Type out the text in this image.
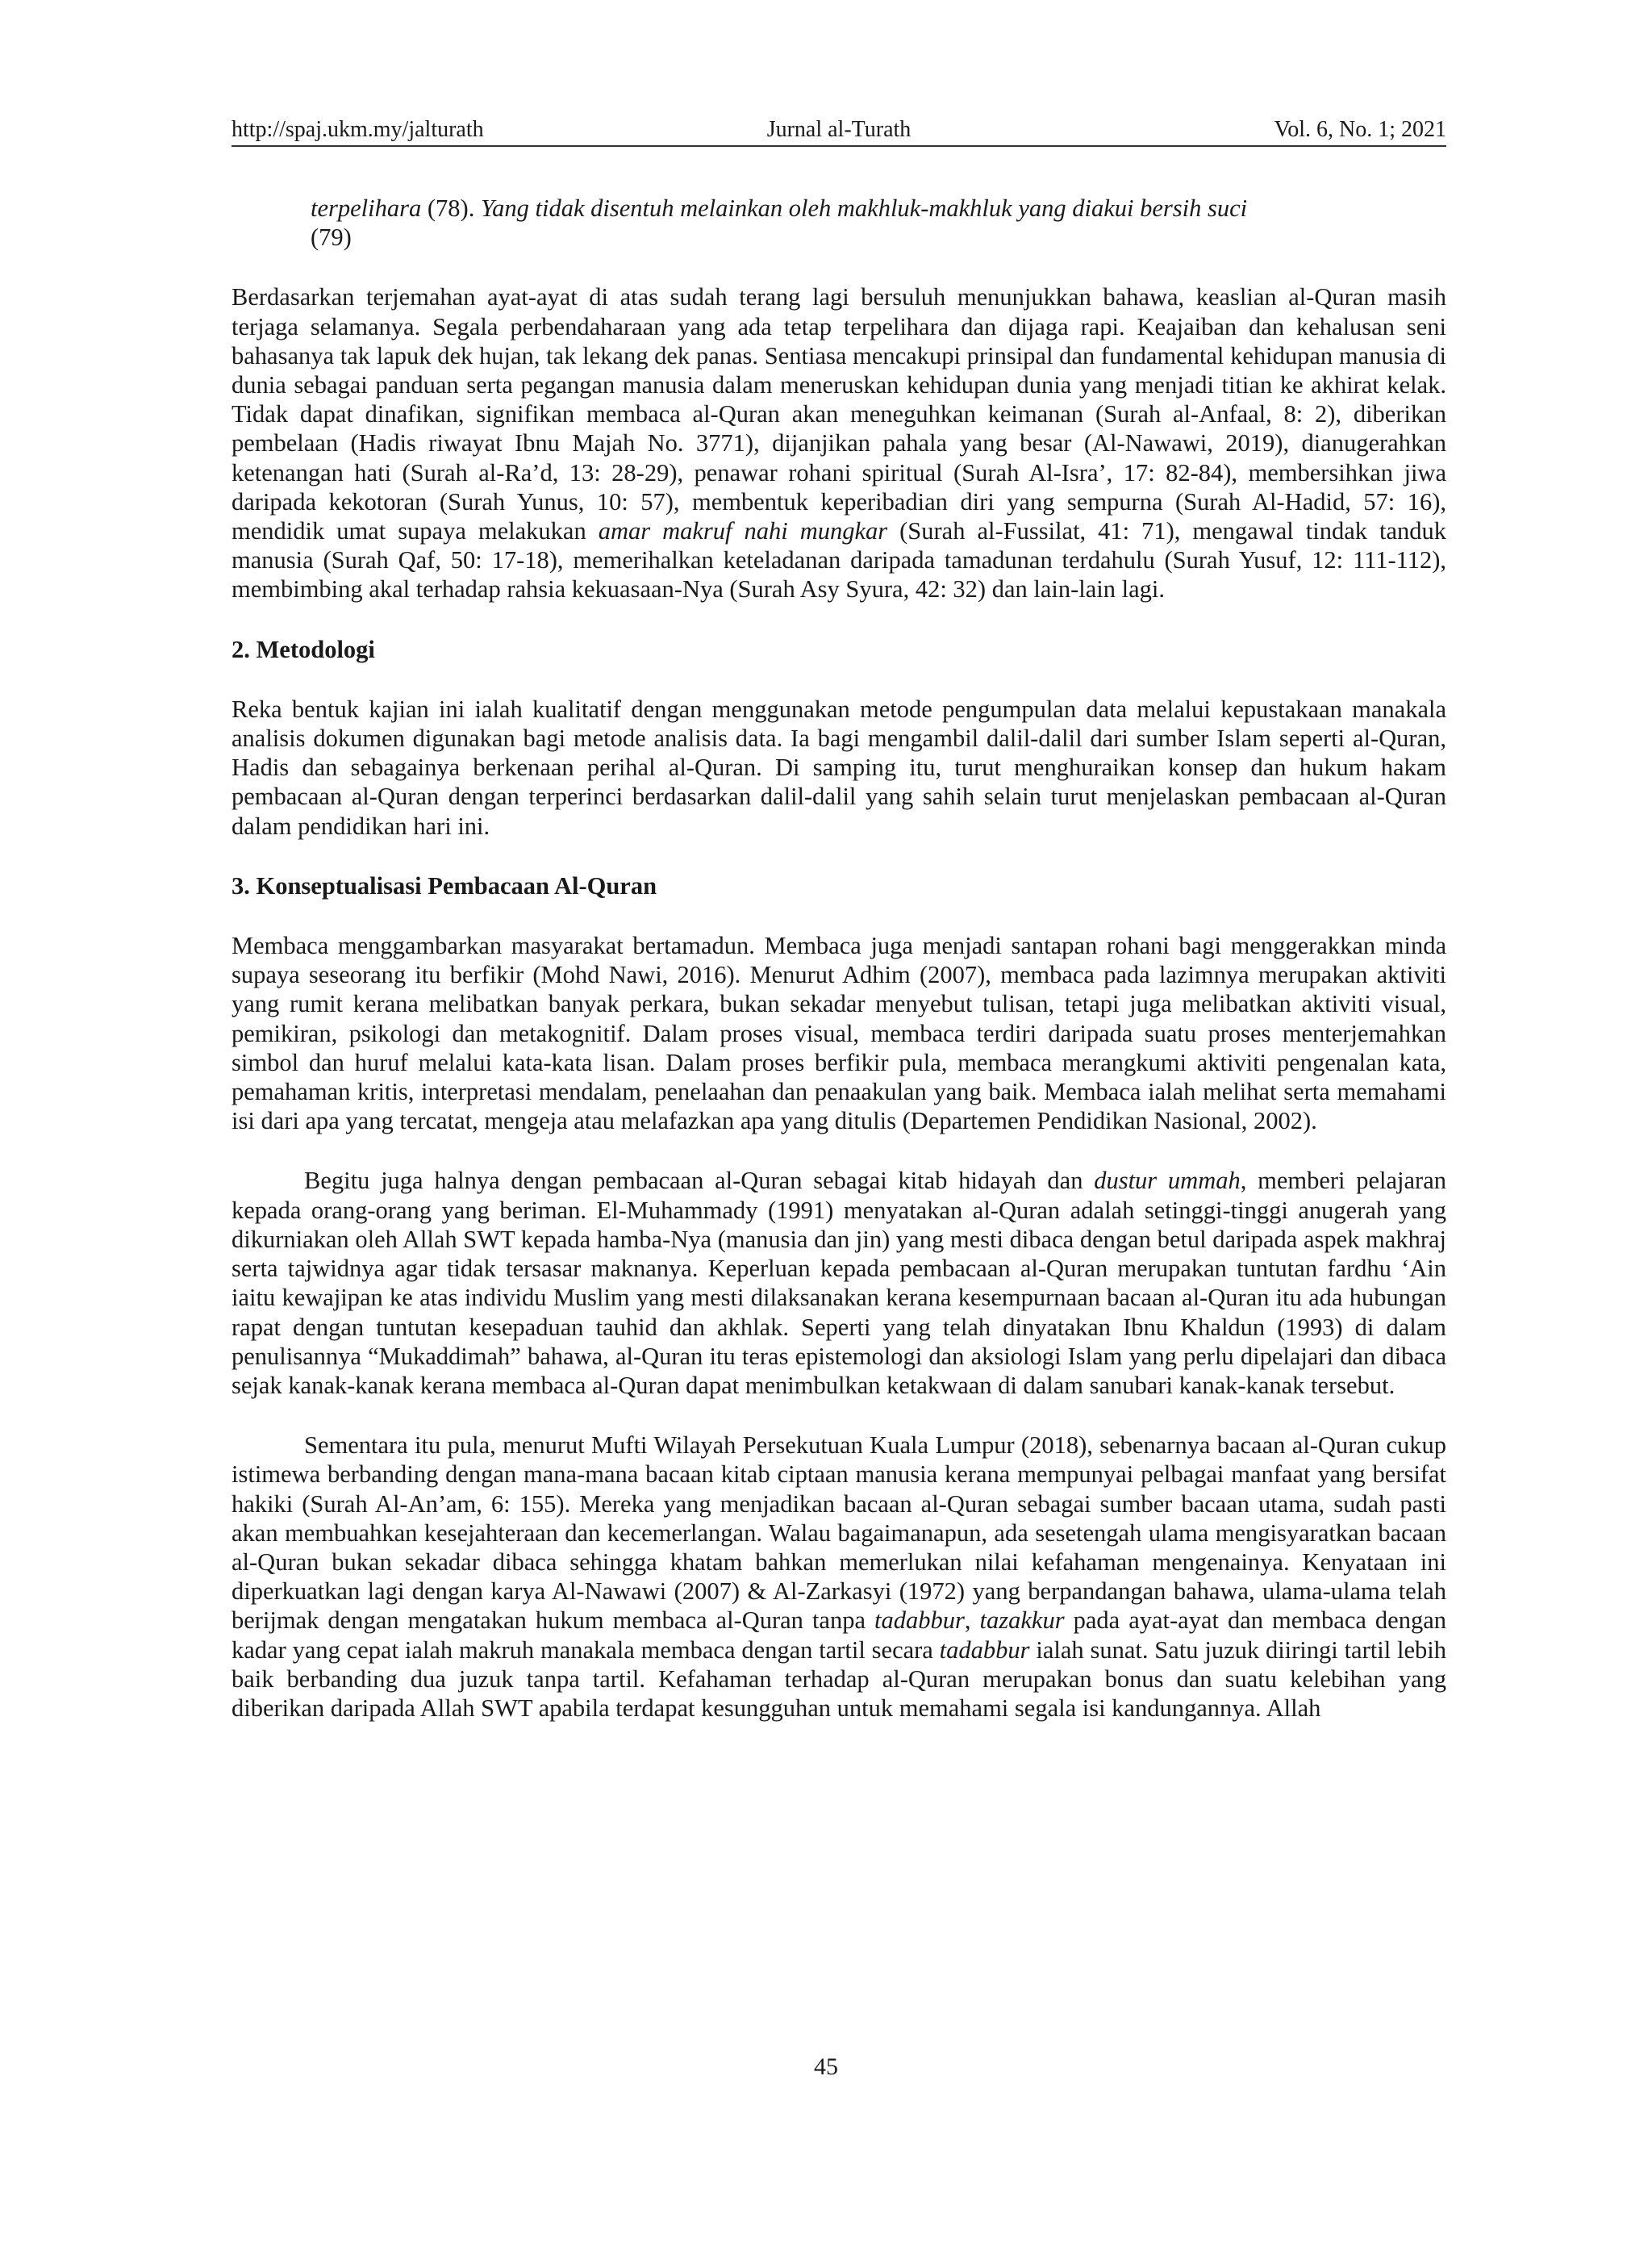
http://spaj.ukm.my/jalturath	Jurnal al-Turath	Vol. 6, No. 1; 2021

terpelihara (78). Yang tidak disentuh melainkan oleh makhluk-makhluk yang diakui bersih suci
(79)

Berdasarkan terjemahan ayat-ayat di atas sudah terang lagi bersuluh menunjukkan bahawa, keaslian al-Quran masih terjaga selamanya. Segala perbendaharaan yang ada tetap terpelihara dan dijaga rapi. Keajaiban dan kehalusan seni bahasanya tak lapuk dek hujan, tak lekang dek panas. Sentiasa mencakupi prinsipal dan fundamental kehidupan manusia di dunia sebagai panduan serta pegangan manusia dalam meneruskan kehidupan dunia yang menjadi titian ke akhirat kelak. Tidak dapat dinafikan, signifikan membaca al-Quran akan meneguhkan keimanan (Surah al-Anfaal, 8: 2), diberikan pembelaan (Hadis riwayat Ibnu Majah No. 3771), dijanjikan pahala yang besar (Al-Nawawi, 2019), dianugerahkan ketenangan hati (Surah al-Ra’d, 13: 28-29), penawar rohani spiritual (Surah Al-Isra’, 17: 82-84), membersihkan jiwa daripada kekotoran (Surah Yunus, 10: 57), membentuk keperibadian diri yang sempurna (Surah Al-Hadid, 57: 16), mendidik umat supaya melakukan amar makruf nahi mungkar (Surah al-Fussilat, 41: 71), mengawal tindak tanduk manusia (Surah Qaf, 50: 17-18), memerihalkan keteladanan daripada tamadunan terdahulu (Surah Yusuf, 12: 111-112), membimbing akal terhadap rahsia kekuasaan-Nya (Surah Asy Syura, 42: 32) dan lain-lain lagi.

2. Metodologi

Reka bentuk kajian ini ialah kualitatif dengan menggunakan metode pengumpulan data melalui kepustakaan manakala analisis dokumen digunakan bagi metode analisis data. Ia bagi mengambil dalil-dalil dari sumber Islam seperti al-Quran, Hadis dan sebagainya berkenaan perihal al-Quran. Di samping itu, turut menghuraikan konsep dan hukum hakam pembacaan al-Quran dengan terperinci berdasarkan dalil-dalil yang sahih selain turut menjelaskan pembacaan al-Quran dalam pendidikan hari ini.

3. Konseptualisasi Pembacaan Al-Quran

Membaca menggambarkan masyarakat bertamadun. Membaca juga menjadi santapan rohani bagi menggerakkan minda supaya seseorang itu berfikir (Mohd Nawi, 2016). Menurut Adhim (2007), membaca pada lazimnya merupakan aktiviti yang rumit kerana melibatkan banyak perkara, bukan sekadar menyebut tulisan, tetapi juga melibatkan aktiviti visual, pemikiran, psikologi dan metakognitif. Dalam proses visual, membaca terdiri daripada suatu proses menterjemahkan simbol dan huruf melalui kata-kata lisan. Dalam proses berfikir pula, membaca merangkumi aktiviti pengenalan kata, pemahaman kritis, interpretasi mendalam, penelaahan dan penaakulan yang baik. Membaca ialah melihat serta memahami isi dari apa yang tercatat, mengeja atau melafazkan apa yang ditulis (Departemen Pendidikan Nasional, 2002).

Begitu juga halnya dengan pembacaan al-Quran sebagai kitab hidayah dan dustur ummah, memberi pelajaran kepada orang-orang yang beriman. El-Muhammady (1991) menyatakan al-Quran adalah setinggi-tinggi anugerah yang dikurniakan oleh Allah SWT kepada hamba-Nya (manusia dan jin) yang mesti dibaca dengan betul daripada aspek makhraj serta tajwidnya agar tidak tersasar maknanya. Keperluan kepada pembacaan al-Quran merupakan tuntutan fardhu ‘Ain iaitu kewajipan ke atas individu Muslim yang mesti dilaksanakan kerana kesempurnaan bacaan al-Quran itu ada hubungan rapat dengan tuntutan kesepaduan tauhid dan akhlak. Seperti yang telah dinyatakan Ibnu Khaldun (1993) di dalam penulisannya “Mukaddimah” bahawa, al-Quran itu teras epistemologi dan aksiologi Islam yang perlu dipelajari dan dibaca sejak kanak-kanak kerana membaca al-Quran dapat menimbulkan ketakwaan di dalam sanubari kanak-kanak tersebut.

Sementara itu pula, menurut Mufti Wilayah Persekutuan Kuala Lumpur (2018), sebenarnya bacaan al-Quran cukup istimewa berbanding dengan mana-mana bacaan kitab ciptaan manusia kerana mempunyai pelbagai manfaat yang bersifat hakiki (Surah Al-An’am, 6: 155). Mereka yang menjadikan bacaan al-Quran sebagai sumber bacaan utama, sudah pasti akan membuahkan kesejahteraan dan kecemerlangan. Walau bagaimanapun, ada sesetengah ulama mengisyaratkan bacaan al-Quran bukan sekadar dibaca sehingga khatam bahkan memerlukan nilai kefahaman mengenainya. Kenyataan ini diperkuatkan lagi dengan karya Al-Nawawi (2007) & Al-Zarkasyi (1972) yang berpandangan bahawa, ulama-ulama telah berijmak dengan mengatakan hukum membaca al-Quran tanpa tadabbur, tazakkur pada ayat-ayat dan membaca dengan kadar yang cepat ialah makruh manakala membaca dengan tartil secara tadabbur ialah sunat. Satu juzuk diiringi tartil lebih baik berbanding dua juzuk tanpa tartil. Kefahaman terhadap al-Quran merupakan bonus dan suatu kelebihan yang diberikan daripada Allah SWT apabila terdapat kesungguhan untuk memahami segala isi kandungannya. Allah

45
